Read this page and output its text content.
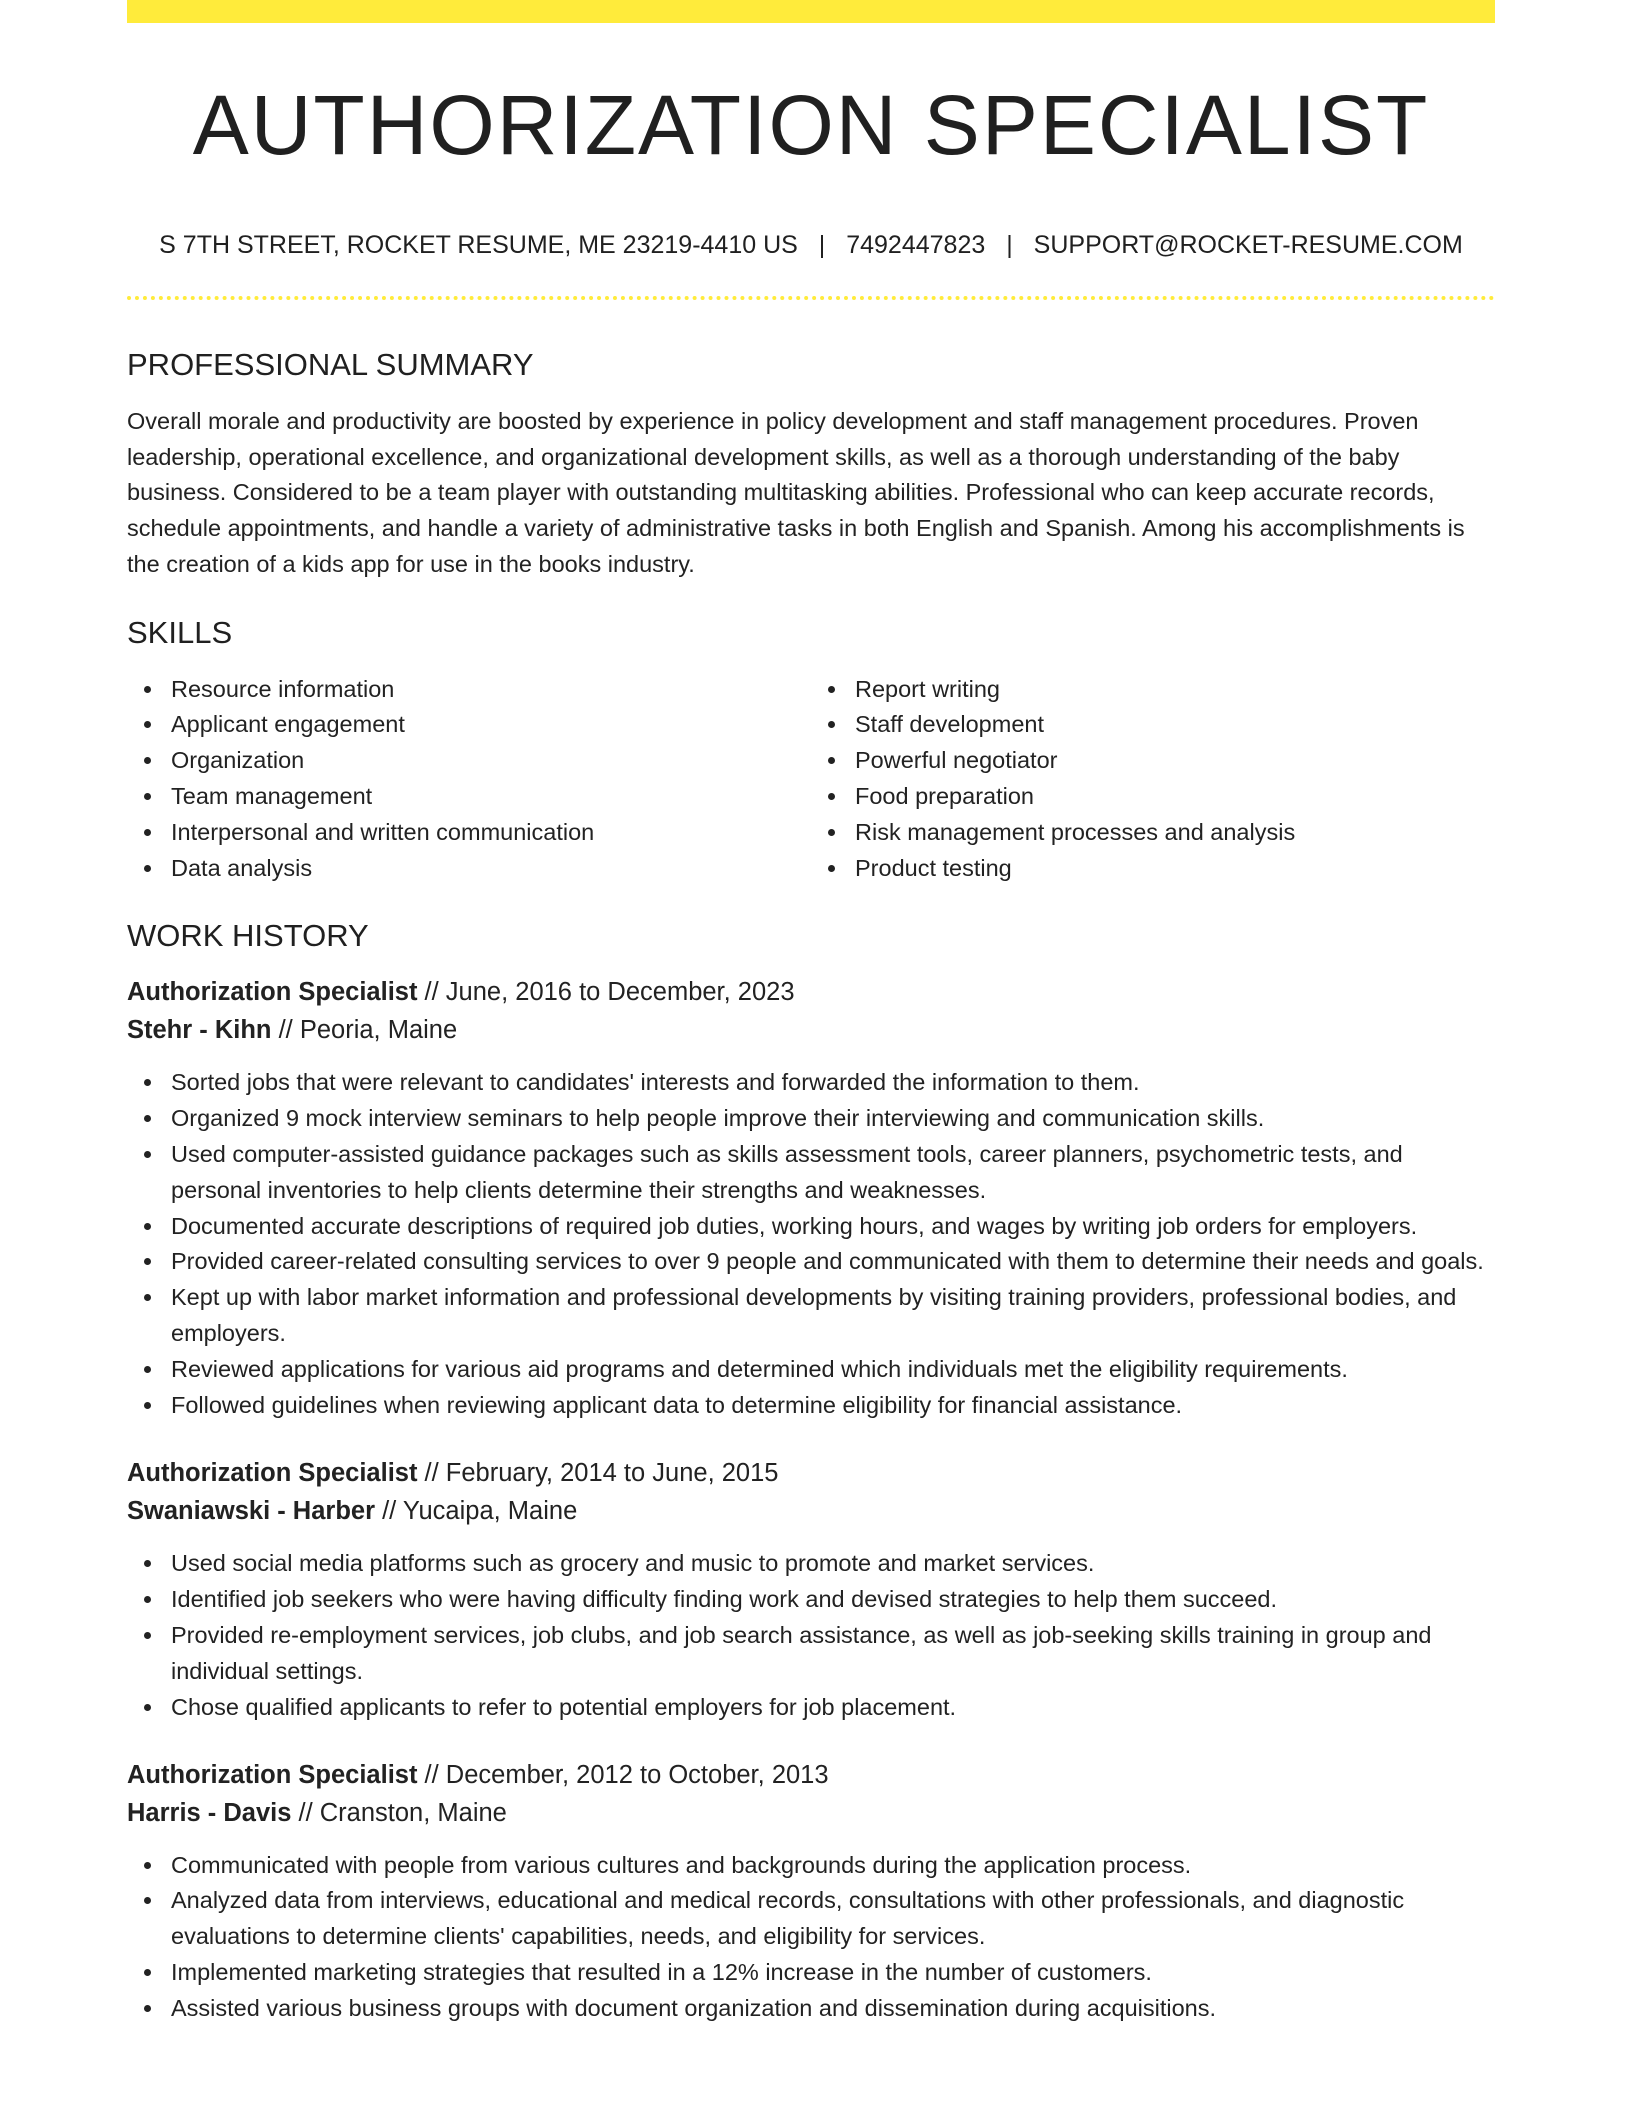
AUTHORIZATION SPECIALIST
S 7TH STREET, ROCKET RESUME, ME 23219-4410 US | 7492447823 | SUPPORT@ROCKET-RESUME.COM
PROFESSIONAL SUMMARY

Overall morale and productivity are boosted by experience in policy development and staff management procedures. Proven leadership, operational excellence, and organizational development skills, as well as a thorough understanding of the baby business. Considered to be a team player with outstanding multitasking abilities. Professional who can keep accurate records, schedule appointments, and handle a variety of administrative tasks in both English and Spanish. Among his accomplishments is the creation of a kids app for use in the books industry.

SKILLS
Resource information
Applicant engagement
Organization
Team management
Interpersonal and written communication
Data analysis
Report writing
Staff development
Powerful negotiator
Food preparation
Risk management processes and analysis
Product testing
WORK HISTORY
Authorization Specialist // June, 2016 to December, 2023
Stehr - Kihn // Peoria, Maine
Sorted jobs that were relevant to candidates' interests and forwarded the information to them.
Organized 9 mock interview seminars to help people improve their interviewing and communication skills.
Used computer-assisted guidance packages such as skills assessment tools, career planners, psychometric tests, and personal inventories to help clients determine their strengths and weaknesses.
Documented accurate descriptions of required job duties, working hours, and wages by writing job orders for employers.
Provided career-related consulting services to over 9 people and communicated with them to determine their needs and goals.
Kept up with labor market information and professional developments by visiting training providers, professional bodies, and employers.
Reviewed applications for various aid programs and determined which individuals met the eligibility requirements.
Followed guidelines when reviewing applicant data to determine eligibility for financial assistance.
Authorization Specialist // February, 2014 to June, 2015
Swaniawski - Harber // Yucaipa, Maine
Used social media platforms such as grocery and music to promote and market services.
Identified job seekers who were having difficulty finding work and devised strategies to help them succeed.
Provided re-employment services, job clubs, and job search assistance, as well as job-seeking skills training in group and individual settings.
Chose qualified applicants to refer to potential employers for job placement.
Authorization Specialist // December, 2012 to October, 2013
Harris - Davis // Cranston, Maine
Communicated with people from various cultures and backgrounds during the application process.
Analyzed data from interviews, educational and medical records, consultations with other professionals, and diagnostic evaluations to determine clients' capabilities, needs, and eligibility for services.
Implemented marketing strategies that resulted in a 12% increase in the number of customers.
Assisted various business groups with document organization and dissemination during acquisitions.
